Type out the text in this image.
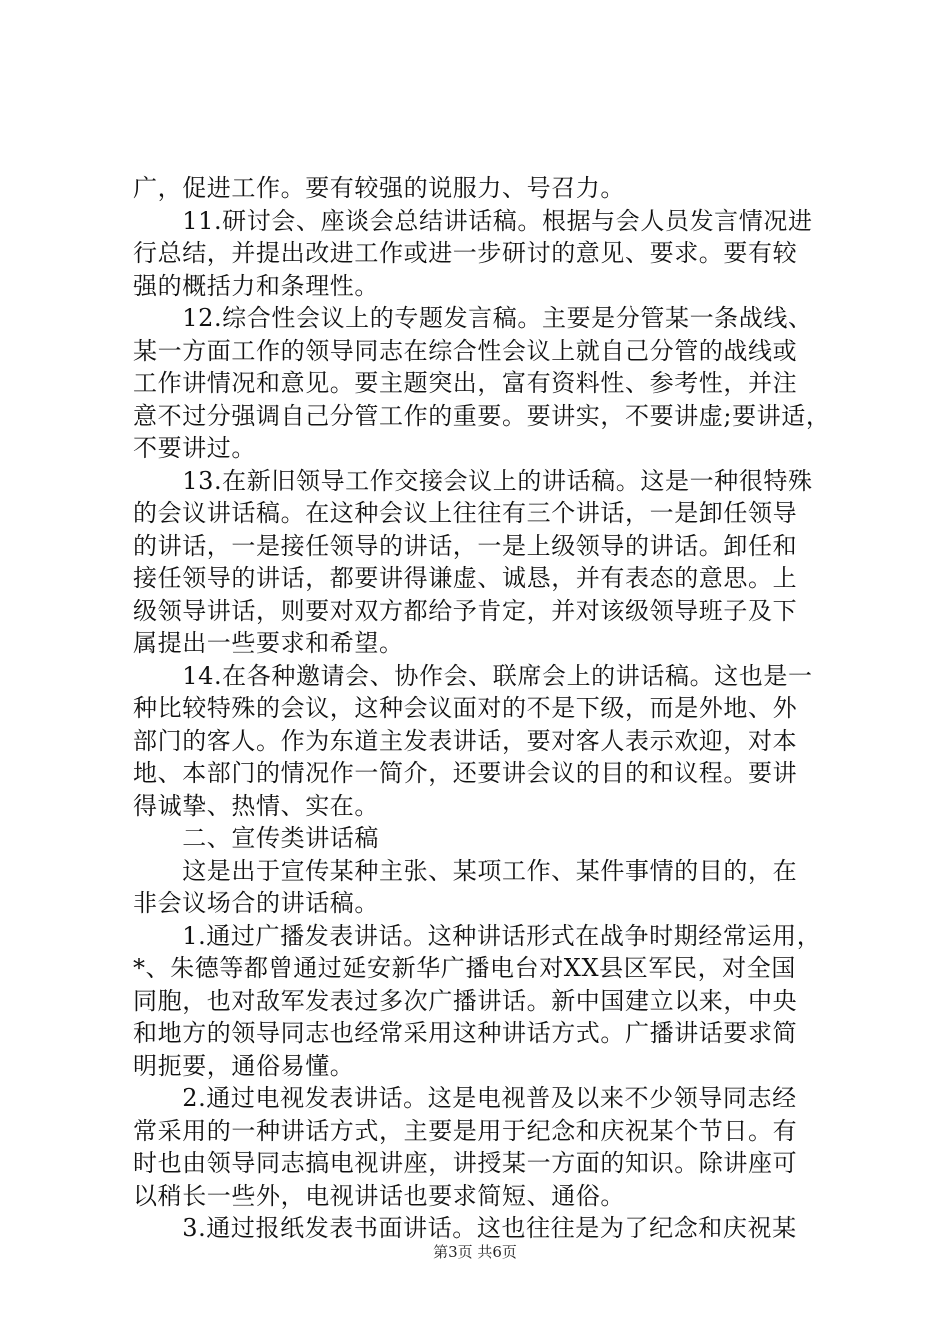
广，促进工作。要有较强的说服力、号召力。
　　11.研讨会、座谈会总结讲话稿。根据与会人员发言情况进
行总结，并提出改进工作或进一步研讨的意见、要求。要有较
强的概括力和条理性。
　　12.综合性会议上的专题发言稿。主要是分管某一条战线、
某一方面工作的领导同志在综合性会议上就自己分管的战线或
工作讲情况和意见。要主题突出，富有资料性、参考性，并注
意不过分强调自己分管工作的重要。要讲实，不要讲虚;要讲适，
不要讲过。
　　13.在新旧领导工作交接会议上的讲话稿。这是一种很特殊
的会议讲话稿。在这种会议上往往有三个讲话，一是卸任领导
的讲话，一是接任领导的讲话，一是上级领导的讲话。卸任和
接任领导的讲话，都要讲得谦虚、诚恳，并有表态的意思。上
级领导讲话，则要对双方都给予肯定，并对该级领导班子及下
属提出一些要求和希望。
　　14.在各种邀请会、协作会、联席会上的讲话稿。这也是一
种比较特殊的会议，这种会议面对的不是下级，而是外地、外
部门的客人。作为东道主发表讲话，要对客人表示欢迎，对本
地、本部门的情况作一简介，还要讲会议的目的和议程。要讲
得诚挚、热情、实在。
　　二、宣传类讲话稿
　　这是出于宣传某种主张、某项工作、某件事情的目的，在
非会议场合的讲话稿。
　　1.通过广播发表讲话。这种讲话形式在战争时期经常运用，
*、朱德等都曾通过延安新华广播电台对XX县区军民，对全国
同胞，也对敌军发表过多次广播讲话。新中国建立以来，中央
和地方的领导同志也经常采用这种讲话方式。广播讲话要求简
明扼要，通俗易懂。
　　2.通过电视发表讲话。这是电视普及以来不少领导同志经
常采用的一种讲话方式，主要是用于纪念和庆祝某个节日。有
时也由领导同志搞电视讲座，讲授某一方面的知识。除讲座可
以稍长一些外，电视讲话也要求简短、通俗。
　　3.通过报纸发表书面讲话。这也往往是为了纪念和庆祝某
第3页 共6页
